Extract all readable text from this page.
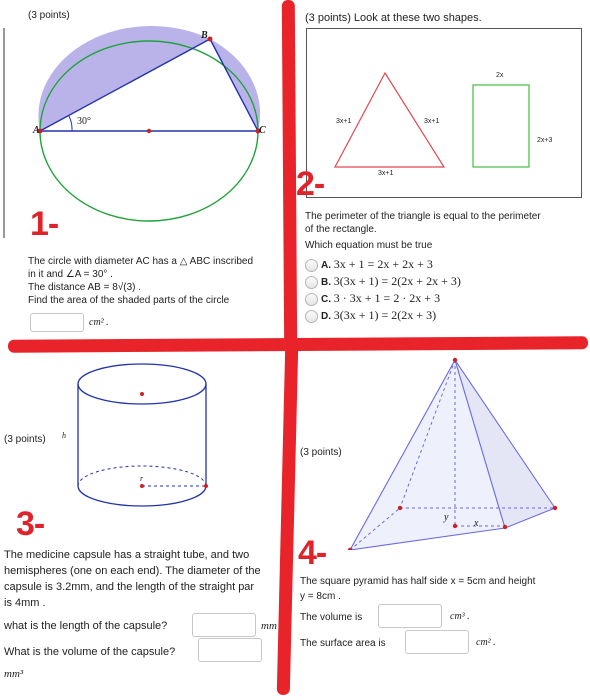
(3 points)
A
B
C
30°
1-
The circle with diameter AC has a △ ABC inscribed
in it and ∠A = 30° .
The distance AB = 8√(3) .
Find the area of the shaded parts of the circle
cm² .
(3 points) Look at these two shapes.
3x+1	3x+1
3x+1
2x
2x+3
2-
The perimeter of the triangle is equal to the perimeter
of the rectangle.
Which equation must be true
A. 3x + 1 = 2x + 2x + 3
B. 3(3x + 1) = 2(2x + 2x + 3)
C. 3 · 3x + 1 = 2 · 2x + 3
D. 3(3x + 1) = 2(2x + 3)
(3 points) h
r
3-
The medicine capsule has a straight tube, and two
hemispheres (one on each end). The diameter of the
capsule is 3.2mm, and the length of the straight par
is 4mm .
what is the length of the capsule?	mm
What is the volume of the capsule?
mm³
(3 points)
y
x
4-
The square pyramid has half side x = 5cm and height
y = 8cm .
The volume is	cm³ .
The surface area is	cm² .
